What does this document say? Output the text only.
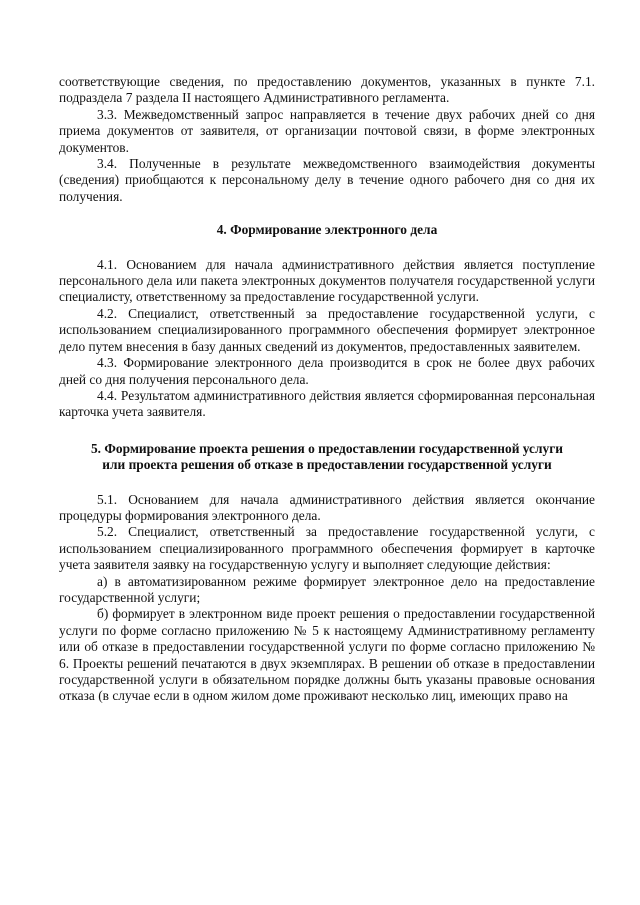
соответствующие сведения, по предоставлению документов, указанных в пункте 7.1. подраздела 7 раздела II настоящего Административного регламента.

3.3. Межведомственный запрос направляется в течение двух рабочих дней со дня приема документов от заявителя, от организации почтовой связи, в форме электронных документов.

3.4. Полученные в результате межведомственного взаимодействия документы (сведения) приобщаются к персональному делу в течение одного рабочего дня со дня их получения.

4. Формирование электронного дела

4.1. Основанием для начала административного действия является поступление персонального дела или пакета электронных документов получателя государственной услуги специалисту, ответственному за предоставление государственной услуги.

4.2. Специалист, ответственный за предоставление государственной услуги, с использованием специализированного программного обеспечения формирует электронное дело путем внесения в базу данных сведений из документов, предоставленных заявителем.

4.3. Формирование электронного дела производится в срок не более двух рабочих дней со дня получения персонального дела.

4.4. Результатом административного действия является сформированная персональная карточка учета заявителя.

5. Формирование проекта решения о предоставлении государственной услуги

или проекта решения об отказе в предоставлении государственной услуги

5.1. Основанием для начала административного действия является окончание процедуры формирования электронного дела.

5.2. Специалист, ответственный за предоставление государственной услуги, с использованием специализированного программного обеспечения формирует в карточке учета заявителя заявку на государственную услугу и выполняет следующие действия:

а) в автоматизированном режиме формирует электронное дело на предоставление государственной услуги;

б) формирует в электронном виде проект решения о предоставлении государственной услуги по форме согласно приложению № 5 к настоящему Административному регламенту или об отказе в предоставлении государственной услуги по форме согласно приложению № 6. Проекты решений печатаются в двух экземплярах. В решении об отказе в предоставлении государственной услуги в обязательном порядке должны быть указаны правовые основания отказа (в случае если в одном жилом доме проживают несколько лиц, имеющих право на
